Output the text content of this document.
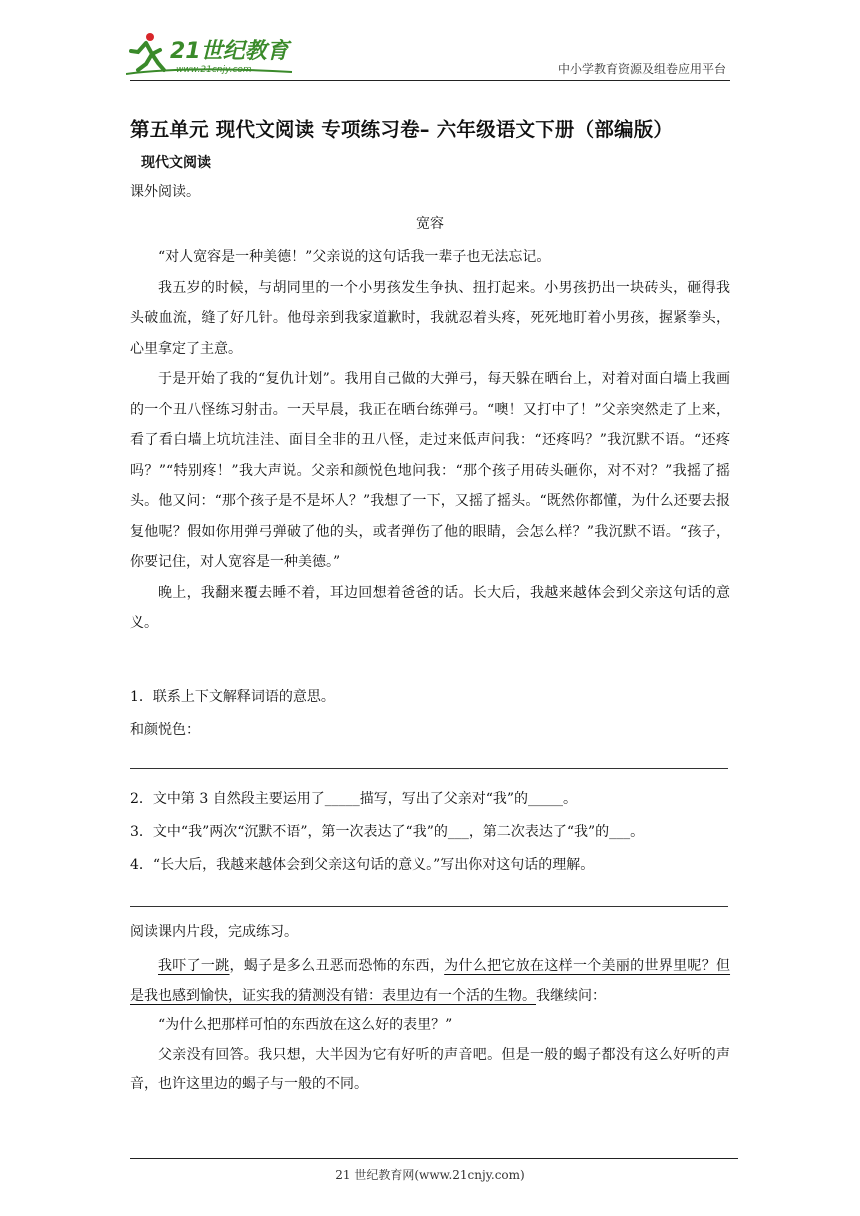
21世纪教育
www.21cnjy.com	中小学教育资源及组卷应用平台
第五单元 现代文阅读 专项练习卷– 六年级语文下册（部编版）
现代文阅读
课外阅读。
宽容

“对人宽容是一种美德！”父亲说的这句话我一辈子也无法忘记。

我五岁的时候，与胡同里的一个小男孩发生争执、扭打起来。小男孩扔出一块砖头，砸得我头破血流，缝了好几针。他母亲到我家道歉时，我就忍着头疼，死死地盯着小男孩，握紧拳头，心里拿定了主意。

于是开始了我的“复仇计划”。我用自己做的大弹弓，每天躲在晒台上，对着对面白墙上我画的一个丑八怪练习射击。一天早晨，我正在晒台练弹弓。“噢！又打中了！”父亲突然走了上来，看了看白墙上坑坑洼洼、面目全非的丑八怪，走过来低声问我：“还疼吗？”我沉默不语。“还疼吗？”“特别疼！”我大声说。父亲和颜悦色地问我：“那个孩子用砖头砸你，对不对？”我摇了摇头。他又问：“那个孩子是不是坏人？”我想了一下，又摇了摇头。“既然你都懂，为什么还要去报复他呢？假如你用弹弓弹破了他的头，或者弹伤了他的眼睛，会怎么样？”我沉默不语。“孩子，你要记住，对人宽容是一种美德。”

晚上，我翻来覆去睡不着，耳边回想着爸爸的话。长大后，我越来越体会到父亲这句话的意义。

1．联系上下文解释词语的意思。
和颜悦色：
2．文中第 3 自然段主要运用了_____描写，写出了父亲对“我”的_____。
3．文中“我”两次“沉默不语”，第一次表达了“我”的___，第二次表达了“我”的___。
4．“长大后，我越来越体会到父亲这句话的意义。”写出你对这句话的理解。
阅读课内片段，完成练习。

我吓了一跳，蝎子是多么丑恶而恐怖的东西，为什么把它放在这样一个美丽的世界里呢？但是我也感到愉快，证实我的猜测没有错：表里边有一个活的生物。我继续问：

“为什么把那样可怕的东西放在这么好的表里？”

父亲没有回答。我只想，大半因为它有好听的声音吧。但是一般的蝎子都没有这么好听的声音，也许这里边的蝎子与一般的不同。

21 世纪教育网(www.21cnjy.com)
